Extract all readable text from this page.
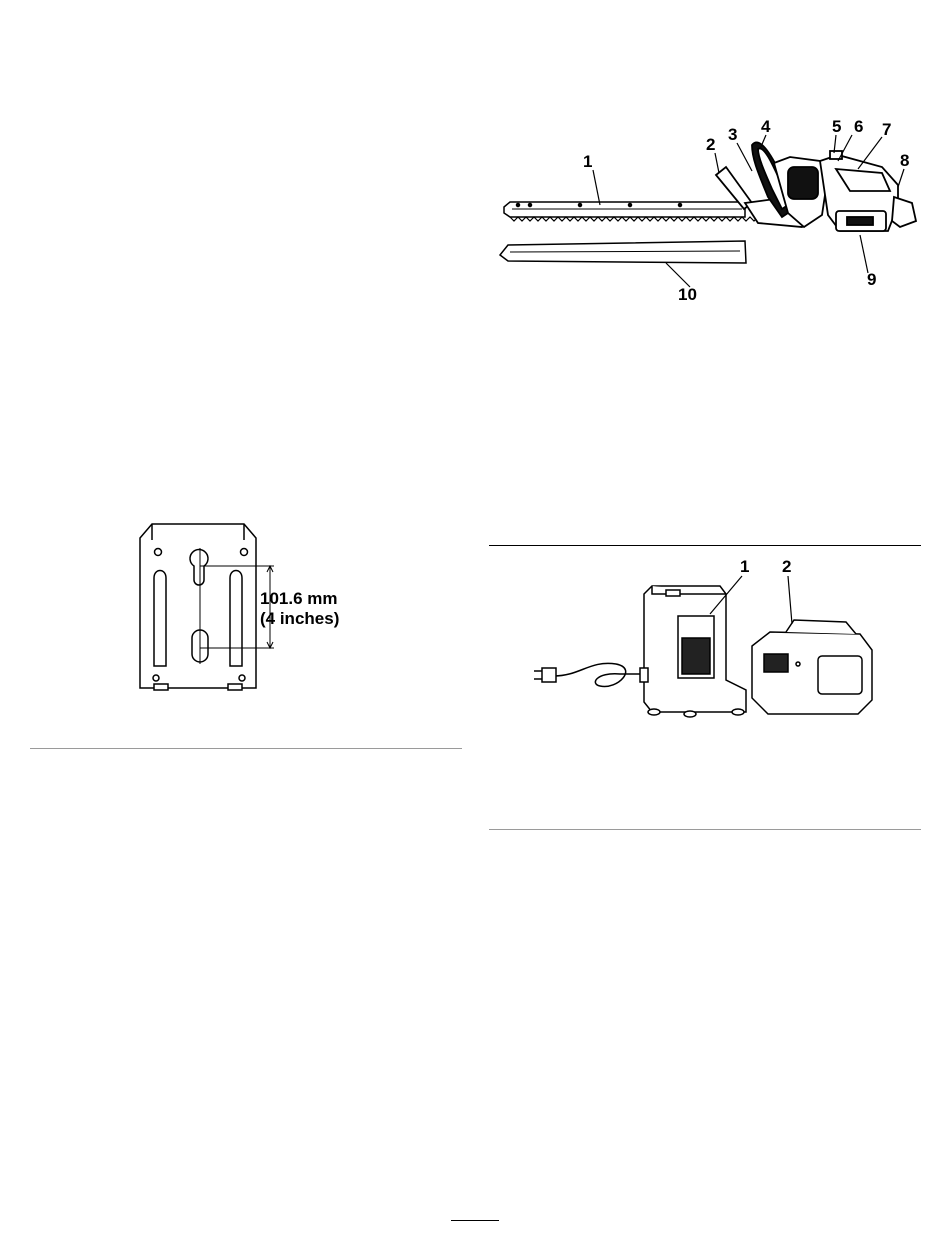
1
2
3 4	5 6 7
8
9
10
101.6 mm
(4 inches)
1 2
